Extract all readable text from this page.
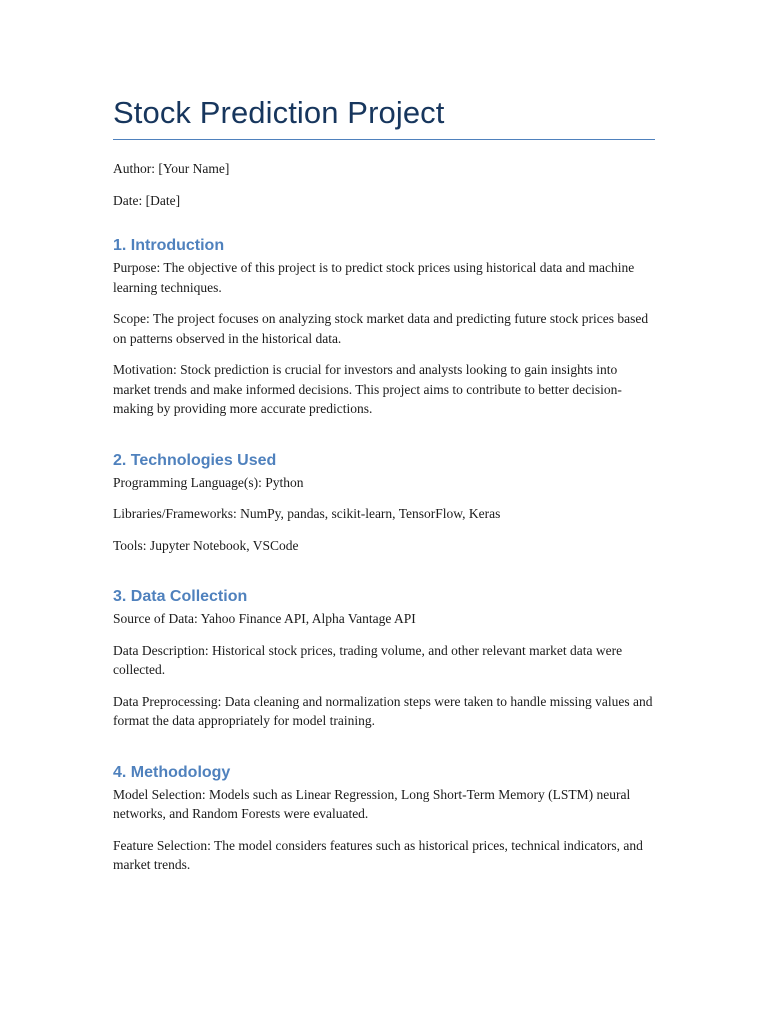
Stock Prediction Project

Author: [Your Name]

Date: [Date]

1. Introduction

Purpose: The objective of this project is to predict stock prices using historical data and machine learning techniques.

Scope: The project focuses on analyzing stock market data and predicting future stock prices based on patterns observed in the historical data.

Motivation: Stock prediction is crucial for investors and analysts looking to gain insights into market trends and make informed decisions. This project aims to contribute to better decision-making by providing more accurate predictions.

2. Technologies Used

Programming Language(s): Python

Libraries/Frameworks: NumPy, pandas, scikit-learn, TensorFlow, Keras

Tools: Jupyter Notebook, VSCode

3. Data Collection

Source of Data: Yahoo Finance API, Alpha Vantage API

Data Description: Historical stock prices, trading volume, and other relevant market data were collected.

Data Preprocessing: Data cleaning and normalization steps were taken to handle missing values and format the data appropriately for model training.

4. Methodology

Model Selection: Models such as Linear Regression, Long Short-Term Memory (LSTM) neural networks, and Random Forests were evaluated.

Feature Selection: The model considers features such as historical prices, technical indicators, and market trends.
